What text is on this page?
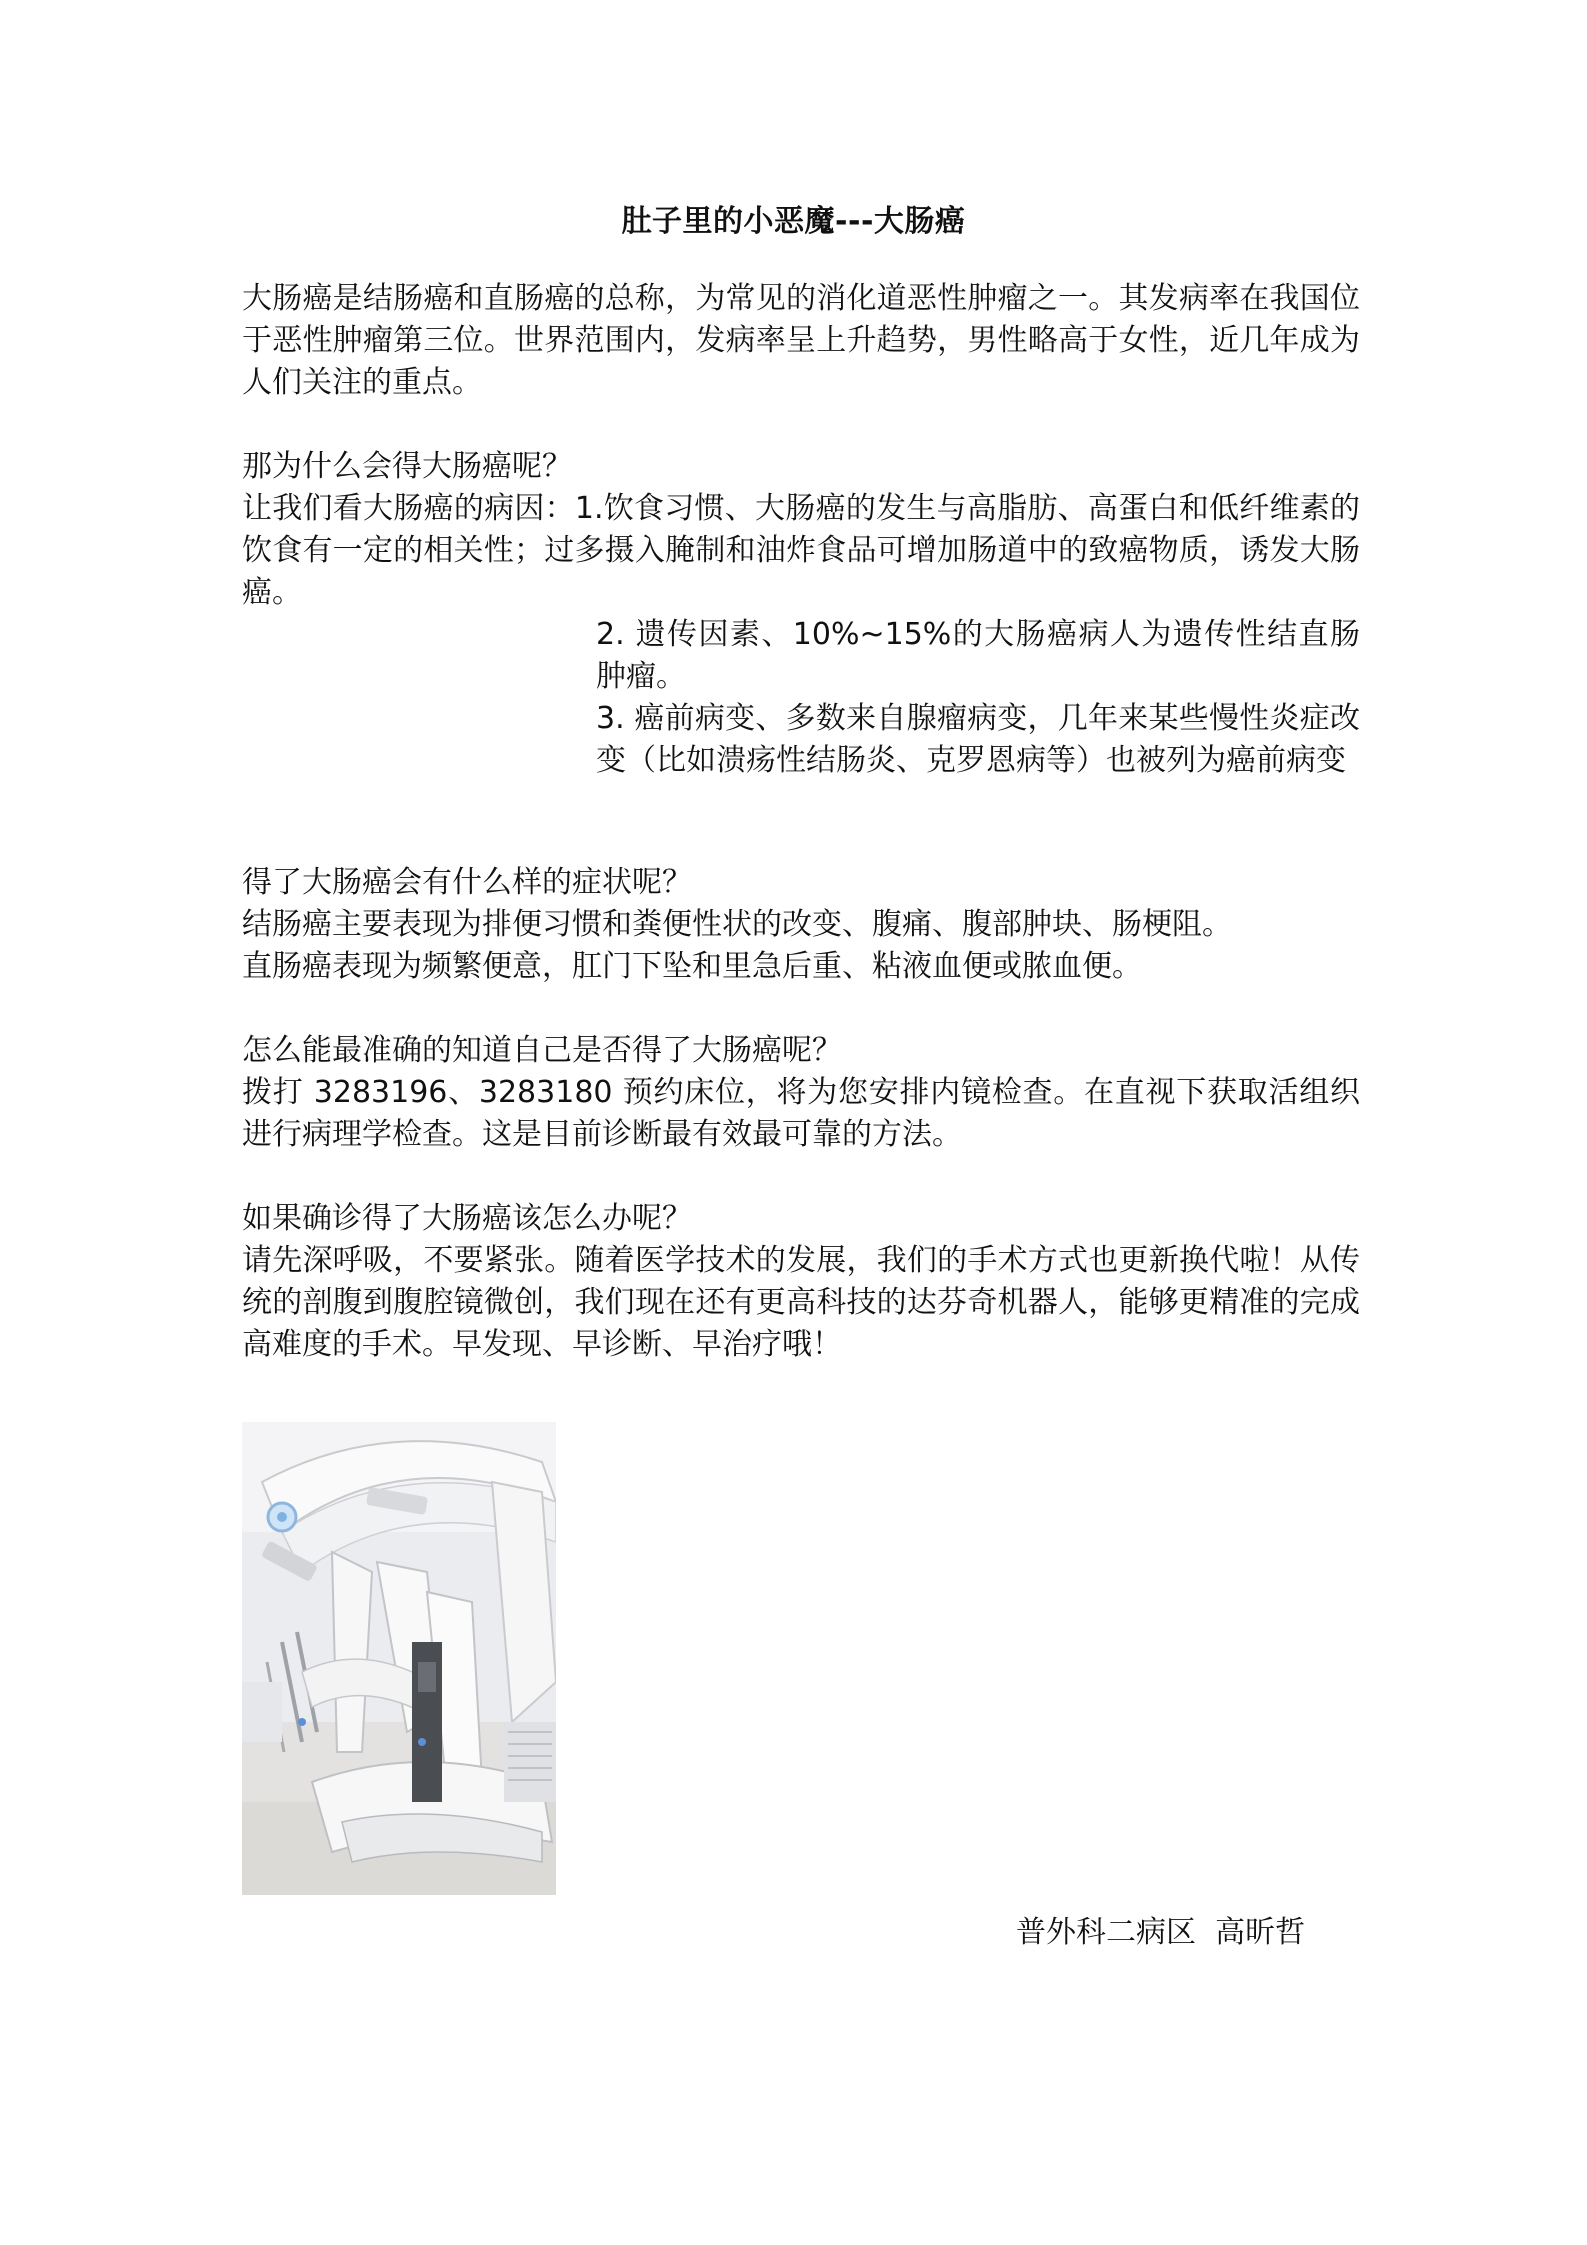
肚子里的小恶魔---大肠癌

大肠癌是结肠癌和直肠癌的总称，为常见的消化道恶性肿瘤之一。其发病率在我国位于恶性肿瘤第三位。世界范围内，发病率呈上升趋势，男性略高于女性，近几年成为人们关注的重点。

那为什么会得大肠癌呢？

让我们看大肠癌的病因：1.饮食习惯、大肠癌的发生与高脂肪、高蛋白和低纤维素的饮食有一定的相关性；过多摄入腌制和油炸食品可增加肠道中的致癌物质，诱发大肠癌。

2. 遗传因素、10%~15%的大肠癌病人为遗传性结直肠肿瘤。

3. 癌前病变、多数来自腺瘤病变，几年来某些慢性炎症改变（比如溃疡性结肠炎、克罗恩病等）也被列为癌前病变

得了大肠癌会有什么样的症状呢？

结肠癌主要表现为排便习惯和粪便性状的改变、腹痛、腹部肿块、肠梗阻。

直肠癌表现为频繁便意，肛门下坠和里急后重、粘液血便或脓血便。

怎么能最准确的知道自己是否得了大肠癌呢？

拨打 3283196、3283180 预约床位，将为您安排内镜检查。在直视下获取活组织进行病理学检查。这是目前诊断最有效最可靠的方法。

如果确诊得了大肠癌该怎么办呢？

请先深呼吸，不要紧张。随着医学技术的发展，我们的手术方式也更新换代啦！从传统的剖腹到腹腔镜微创，我们现在还有更高科技的达芬奇机器人，能够更精准的完成高难度的手术。早发现、早诊断、早治疗哦！

普外科二病区  高昕哲
